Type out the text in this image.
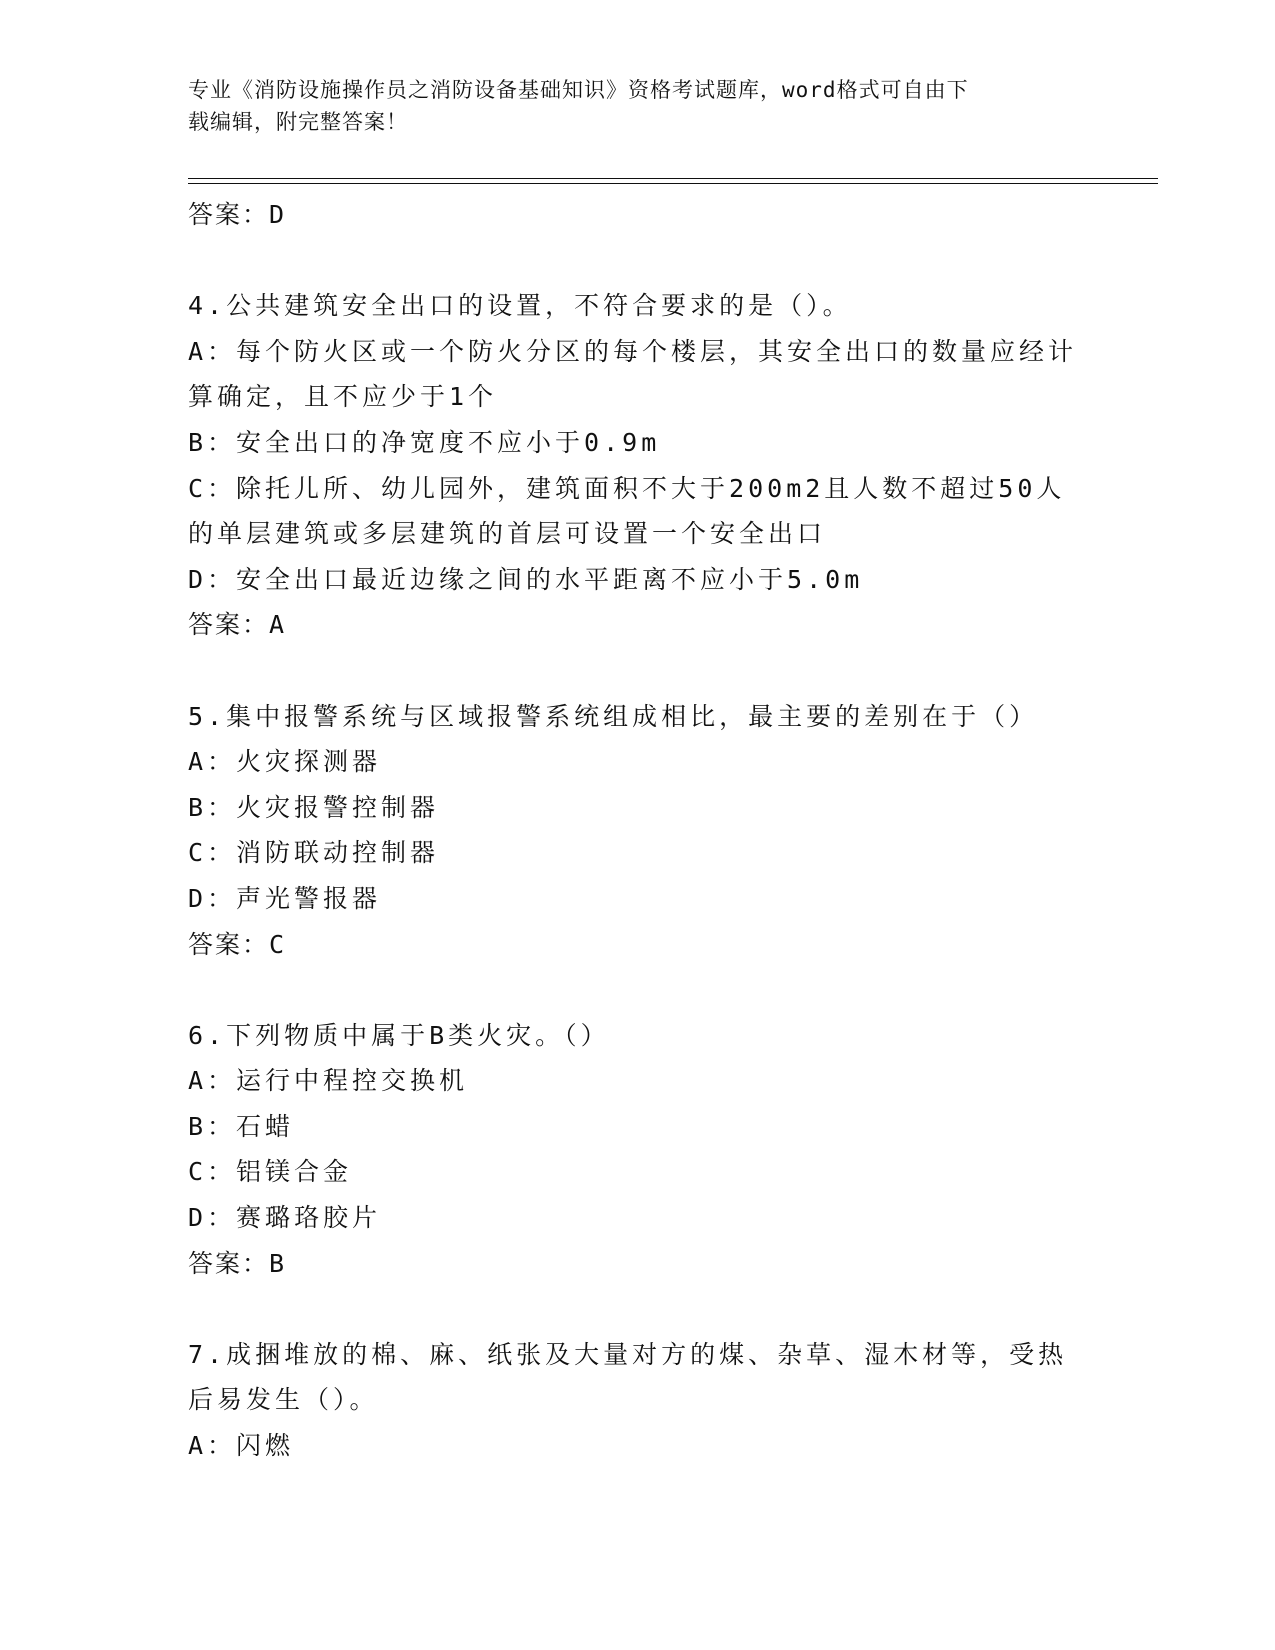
专业《消防设施操作员之消防设备基础知识》资格考试题库，word格式可自由下
载编辑，附完整答案！
答案：D
4.公共建筑安全出口的设置，不符合要求的是（）。
A：每个防火区或一个防火分区的每个楼层，其安全出口的数量应经计
算确定，且不应少于1个
B：安全出口的净宽度不应小于0.9m
C：除托儿所、幼儿园外，建筑面积不大于200m2且人数不超过50人
的单层建筑或多层建筑的首层可设置一个安全出口
D：安全出口最近边缘之间的水平距离不应小于5.0m
答案：A
5.集中报警系统与区域报警系统组成相比，最主要的差别在于（）
A：火灾探测器
B：火灾报警控制器
C：消防联动控制器
D：声光警报器
答案：C
6.下列物质中属于B类火灾。（）
A：运行中程控交换机
B：石蜡
C：铝镁合金
D：赛璐珞胶片
答案：B
7.成捆堆放的棉、麻、纸张及大量对方的煤、杂草、湿木材等，受热
后易发生（）。
A：闪燃
